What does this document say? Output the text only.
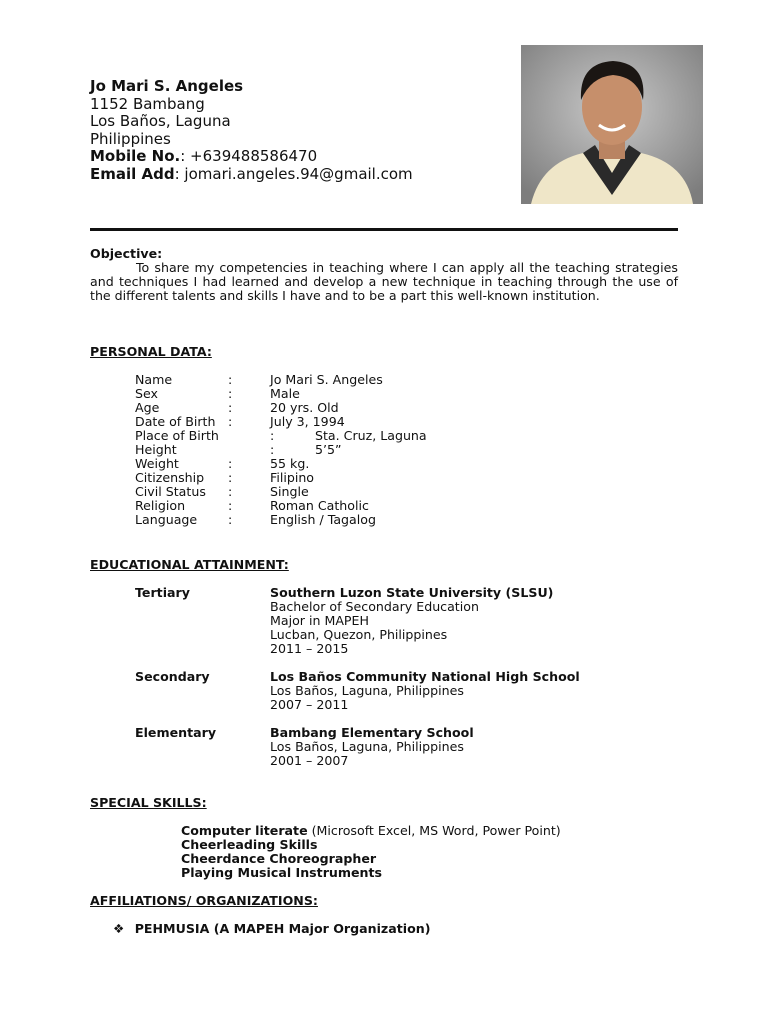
Jo Mari S. Angeles
1152 Bambang
Los Baños, Laguna
Philippines
Mobile No.: +639488586470
Email Add: jomari.angeles.94@gmail.com
Objective:

To share my competencies in teaching where I can apply all the teaching strategies and techniques I had learned and develop a new technique in teaching through the use of the different talents and skills I have and to be a part this well-known institution.

PERSONAL DATA:
Name	:	Jo Mari S. Angeles
Sex	:	Male
Age	:	20 yrs. Old
Date of Birth :	July 3, 1994
Place of Birth	:	Sta. Cruz, Laguna
Height	:	5’5”
Weight	:	55 kg.
Citizenship :	Filipino
Civil Status :	Single
Religion	:	Roman Catholic
Language :	English / Tagalog
EDUCATIONAL ATTAINMENT:
Tertiary	Southern Luzon State University (SLSU)
Bachelor of Secondary Education
Major in MAPEH
Lucban, Quezon, Philippines
2011 – 2015
Secondary	Los Baños Community National High School
Los Baños, Laguna, Philippines
2007 – 2011
Elementary	Bambang Elementary School
Los Baños, Laguna, Philippines
2001 – 2007
SPECIAL SKILLS:
Computer literate (Microsoft Excel, MS Word, Power Point)
Cheerleading Skills
Cheerdance Choreographer
Playing Musical Instruments
AFFILIATIONS/ ORGANIZATIONS:
❖ PEHMUSIA (A MAPEH Major Organization)
